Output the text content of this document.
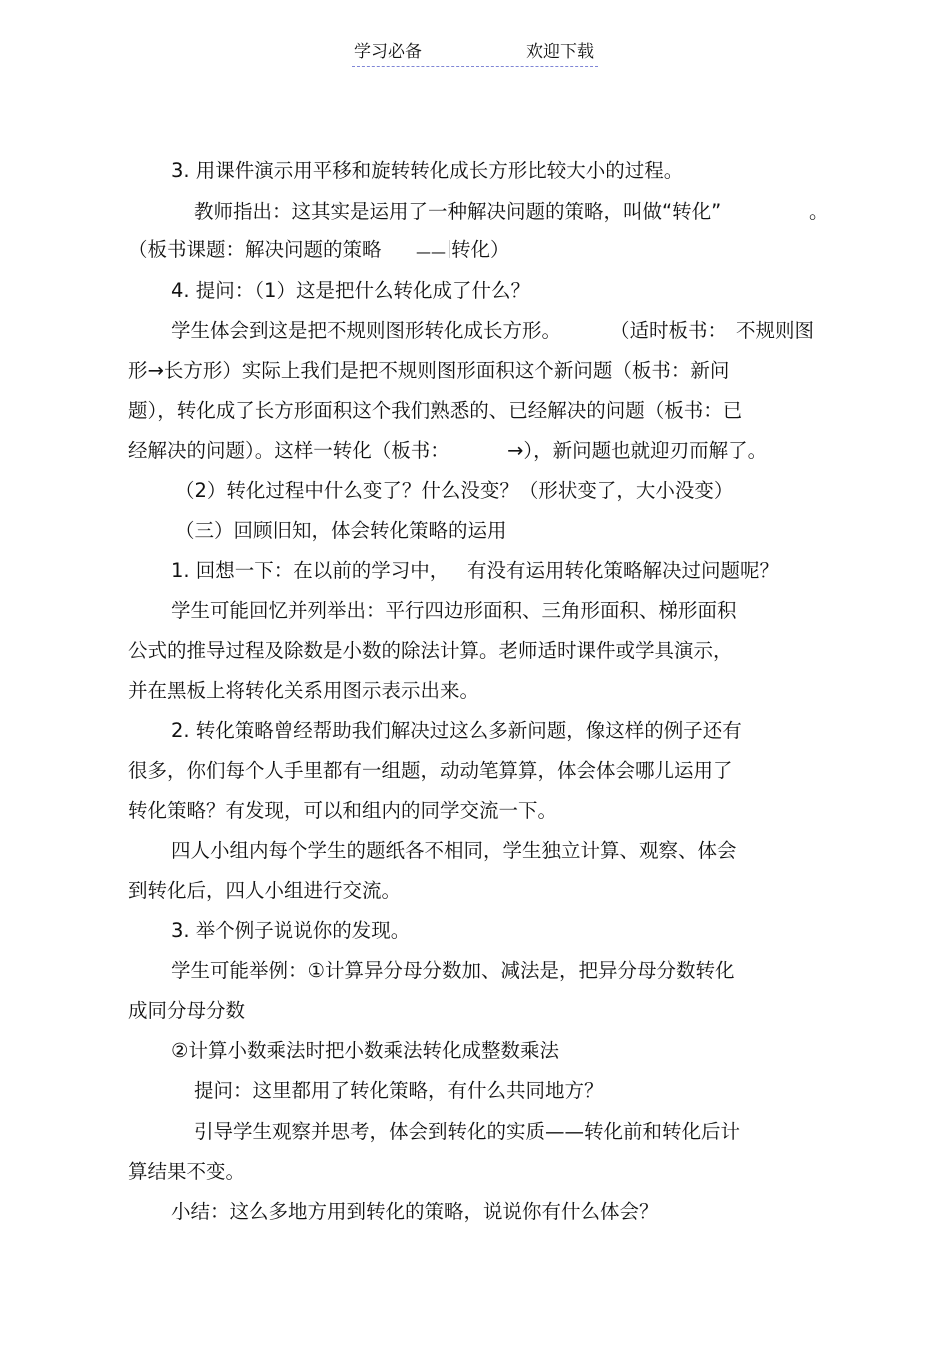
学习必备	欢迎下载
3. 用课件演示用平移和旋转转化成长方形比较大小的过程。
教师指出：这其实是运用了一种解决问题的策略，叫做“转化”	。
（板书课题：解决问题的策略 —— 转化）
4. 提问：（1）这是把什么转化成了什么？
学生体会到这是把不规则图形转化成长方形。	（适时板书： 不规则图
形→长方形）实际上我们是把不规则图形面积这个新问题（板书：新问
题），转化成了长方形面积这个我们熟悉的、已经解决的问题（板书：已
经解决的问题）。这样一转化（板书：	→），新问题也就迎刃而解了。
（2）转化过程中什么变了？什么没变？（形状变了，大小没变）
（三）回顾旧知，体会转化策略的运用
1. 回想一下：在以前的学习中， 有没有运用转化策略解决过问题呢？
学生可能回忆并列举出：平行四边形面积、三角形面积、梯形面积
公式的推导过程及除数是小数的除法计算。老师适时课件或学具演示，
并在黑板上将转化关系用图示表示出来。
2. 转化策略曾经帮助我们解决过这么多新问题，像这样的例子还有
很多，你们每个人手里都有一组题，动动笔算算，体会体会哪儿运用了
转化策略？有发现，可以和组内的同学交流一下。
四人小组内每个学生的题纸各不相同，学生独立计算、观察、体会
到转化后，四人小组进行交流。
3. 举个例子说说你的发现。
学生可能举例：①计算异分母分数加、减法是，把异分母分数转化
成同分母分数
②计算小数乘法时把小数乘法转化成整数乘法
提问：这里都用了转化策略，有什么共同地方？
引导学生观察并思考，体会到转化的实质——转化前和转化后计
算结果不变。
小结：这么多地方用到转化的策略，说说你有什么体会？
